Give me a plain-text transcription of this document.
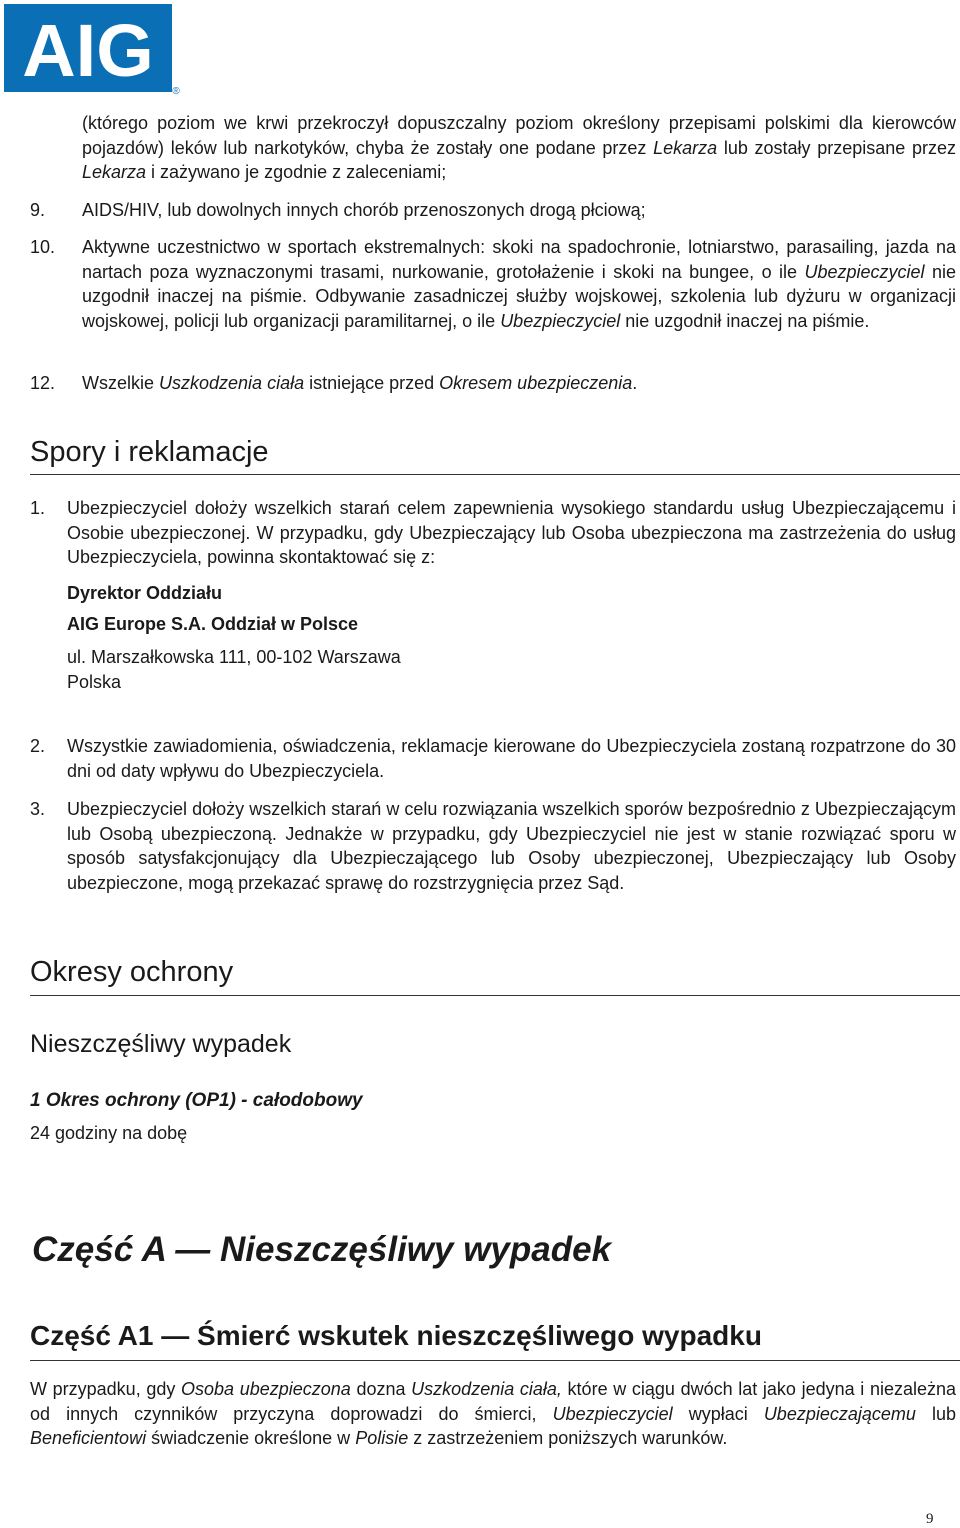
AIG ®
(którego poziom we krwi przekroczył dopuszczalny poziom określony przepisami polskimi dla kierowców pojazdów) leków lub narkotyków, chyba że zostały one podane przez Lekarza lub zostały przepisane przez Lekarza i zażywano je zgodnie z zaleceniami;
9. AIDS/HIV, lub dowolnych innych chorób przenoszonych drogą płciową;
10. Aktywne uczestnictwo w sportach ekstremalnych: skoki na spadochronie, lotniarstwo, parasailing, jazda na nartach poza wyznaczonymi trasami, nurkowanie, grotołażenie i skoki na bungee, o ile Ubezpieczyciel nie uzgodnił inaczej na piśmie. Odbywanie zasadniczej służby wojskowej, szkolenia lub dyżuru w organizacji wojskowej, policji lub organizacji paramilitarnej, o ile Ubezpieczyciel nie uzgodnił inaczej na piśmie.
12. Wszelkie Uszkodzenia ciała istniejące przed Okresem ubezpieczenia.
Spory i reklamacje
1. Ubezpieczyciel dołoży wszelkich starań celem zapewnienia wysokiego standardu usług Ubezpieczającemu i Osobie ubezpieczonej. W przypadku, gdy Ubezpieczający lub Osoba ubezpieczona ma zastrzeżenia do usług Ubezpieczyciela, powinna skontaktować się z:
Dyrektor Oddziału
AIG Europe S.A. Oddział w Polsce
ul. Marszałkowska 111, 00-102 Warszawa
Polska
2. Wszystkie zawiadomienia, oświadczenia, reklamacje kierowane do Ubezpieczyciela zostaną rozpatrzone do 30 dni od daty wpływu do Ubezpieczyciela.
3. Ubezpieczyciel dołoży wszelkich starań w celu rozwiązania wszelkich sporów bezpośrednio z Ubezpieczającym lub Osobą ubezpieczoną. Jednakże w przypadku, gdy Ubezpieczyciel nie jest w stanie rozwiązać sporu w sposób satysfakcjonujący dla Ubezpieczającego lub Osoby ubezpieczonej, Ubezpieczający lub Osoby ubezpieczone, mogą przekazać sprawę do rozstrzygnięcia przez Sąd.
Okresy ochrony
Nieszczęśliwy wypadek
1 Okres ochrony (OP1) - całodobowy
24 godziny na dobę
Część A — Nieszczęśliwy wypadek
Część A1 — Śmierć wskutek nieszczęśliwego wypadku
W przypadku, gdy Osoba ubezpieczona dozna Uszkodzenia ciała, które w ciągu dwóch lat jako jedyna i niezależna od innych czynników przyczyna doprowadzi do śmierci, Ubezpieczyciel wypłaci Ubezpieczającemu lub Beneficientowi świadczenie określone w Polisie z zastrzeżeniem poniższych warunków.
9
